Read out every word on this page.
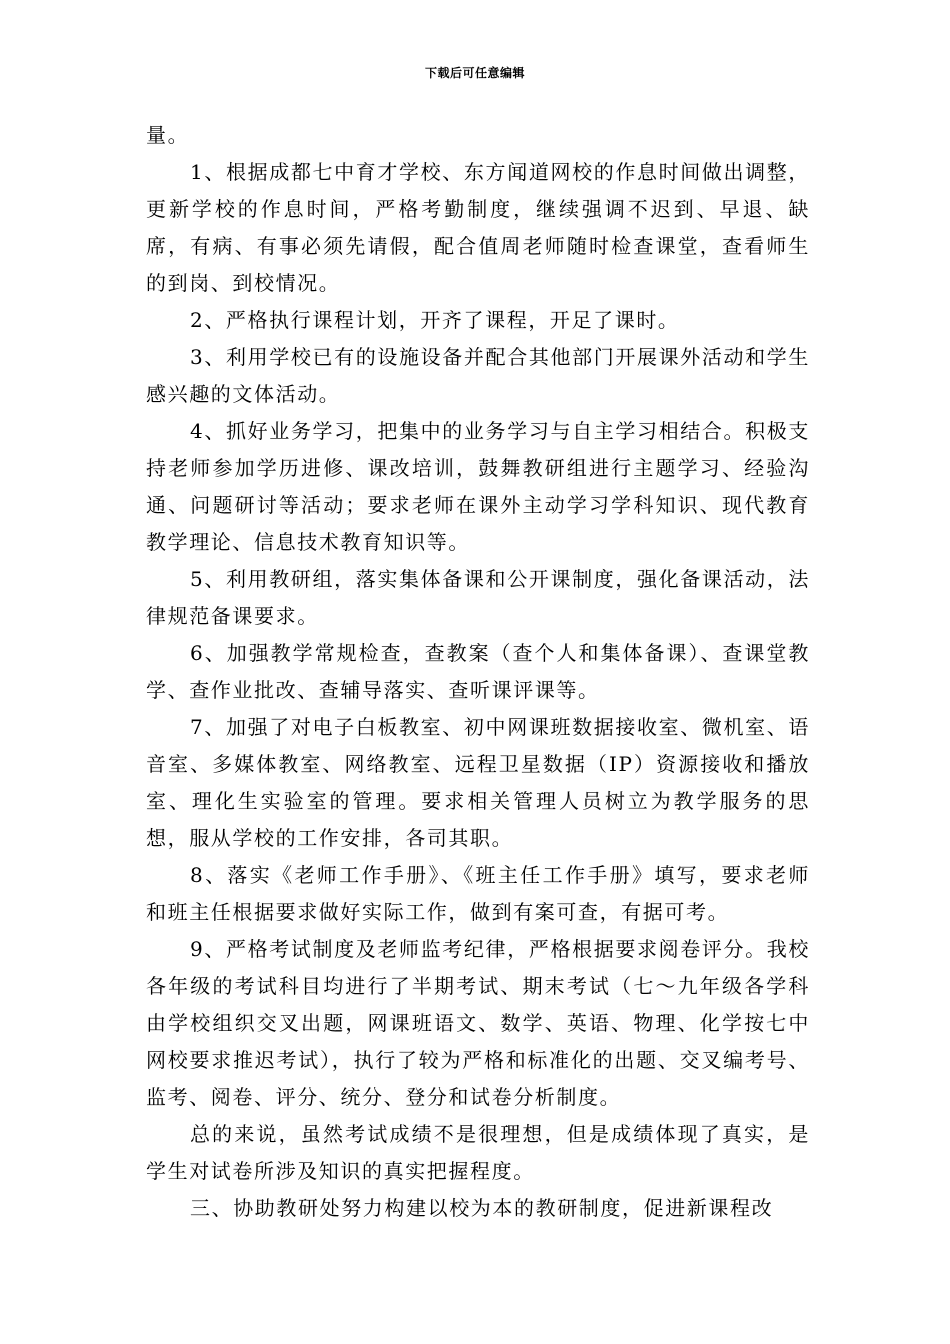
下载后可任意编辑

量。

1、根据成都七中育才学校、东方闻道网校的作息时间做出调整，更新学校的作息时间，严格考勤制度，继续强调不迟到、早退、缺席，有病、有事必须先请假，配合值周老师随时检查课堂，查看师生的到岗、到校情况。

2、严格执行课程计划，开齐了课程，开足了课时。

3、利用学校已有的设施设备并配合其他部门开展课外活动和学生感兴趣的文体活动。

4、抓好业务学习，把集中的业务学习与自主学习相结合。积极支持老师参加学历进修、课改培训，鼓舞教研组进行主题学习、经验沟通、问题研讨等活动；要求老师在课外主动学习学科知识、现代教育教学理论、信息技术教育知识等。

5、利用教研组，落实集体备课和公开课制度，强化备课活动，法律规范备课要求。

6、加强教学常规检查，查教案（查个人和集体备课）、查课堂教学、查作业批改、查辅导落实、查听课评课等。

7、加强了对电子白板教室、初中网课班数据接收室、微机室、语音室、多媒体教室、网络教室、远程卫星数据（IP）资源接收和播放室、理化生实验室的管理。要求相关管理人员树立为教学服务的思想，服从学校的工作安排，各司其职。

8、落实《老师工作手册》、《班主任工作手册》填写，要求老师和班主任根据要求做好实际工作，做到有案可查，有据可考。

9、严格考试制度及老师监考纪律，严格根据要求阅卷评分。我校各年级的考试科目均进行了半期考试、期末考试（七～九年级各学科由学校组织交叉出题，网课班语文、数学、英语、物理、化学按七中网校要求推迟考试），执行了较为严格和标准化的出题、交叉编考号、监考、阅卷、评分、统分、登分和试卷分析制度。

总的来说，虽然考试成绩不是很理想，但是成绩体现了真实，是学生对试卷所涉及知识的真实把握程度。

三、协助教研处努力构建以校为本的教研制度，促进新课程改
